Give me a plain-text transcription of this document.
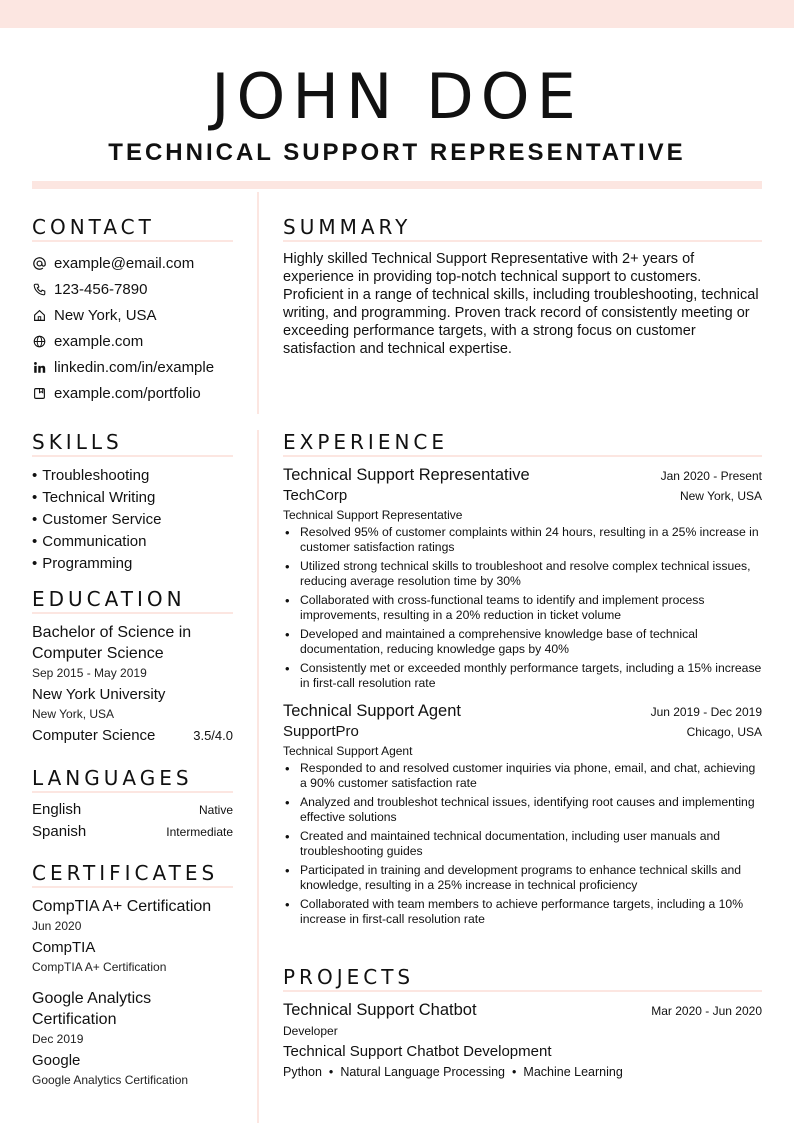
JOHN DOE
TECHNICAL SUPPORT REPRESENTATIVE
CONTACT
example@email.com
123-456-7890
New York, USA
example.com
linkedin.com/in/example
example.com/portfolio
SUMMARY

Highly skilled Technical Support Representative with 2+ years of experience in providing top-notch technical support to customers. Proficient in a range of technical skills, including troubleshooting, technical writing, and programming. Proven track record of consistently meeting or exceeding performance targets, with a strong focus on customer satisfaction and technical expertise.

SKILLS
• Troubleshooting
• Technical Writing
• Customer Service
• Communication
• Programming
EDUCATION
Bachelor of Science in Computer Science
Sep 2015 - May 2019
New York University
New York, USA
Computer Science	3.5/4.0
LANGUAGES
English	Native
Spanish	Intermediate
CERTIFICATES
CompTIA A+ Certification
Jun 2020
CompTIA
CompTIA A+ Certification
Google Analytics Certification
Dec 2019
Google
Google Analytics Certification
EXPERIENCE
Technical Support Representative	Jan 2020 - Present
TechCorp	New York, USA
Technical Support Representative
• Resolved 95% of customer complaints within 24 hours, resulting in a 25% increase in customer satisfaction ratings
• Utilized strong technical skills to troubleshoot and resolve complex technical issues, reducing average resolution time by 30%
• Collaborated with cross-functional teams to identify and implement process improvements, resulting in a 20% reduction in ticket volume
• Developed and maintained a comprehensive knowledge base of technical documentation, reducing knowledge gaps by 40%
• Consistently met or exceeded monthly performance targets, including a 15% increase in first-call resolution rate
Technical Support Agent	Jun 2019 - Dec 2019
SupportPro	Chicago, USA
Technical Support Agent
• Responded to and resolved customer inquiries via phone, email, and chat, achieving a 90% customer satisfaction rate
• Analyzed and troubleshot technical issues, identifying root causes and implementing effective solutions
• Created and maintained technical documentation, including user manuals and troubleshooting guides
• Participated in training and development programs to enhance technical skills and knowledge, resulting in a 25% increase in technical proficiency
• Collaborated with team members to achieve performance targets, including a 10% increase in first-call resolution rate
PROJECTS
Technical Support Chatbot	Mar 2020 - Jun 2020
Developer
Technical Support Chatbot Development
Python • Natural Language Processing • Machine Learning
